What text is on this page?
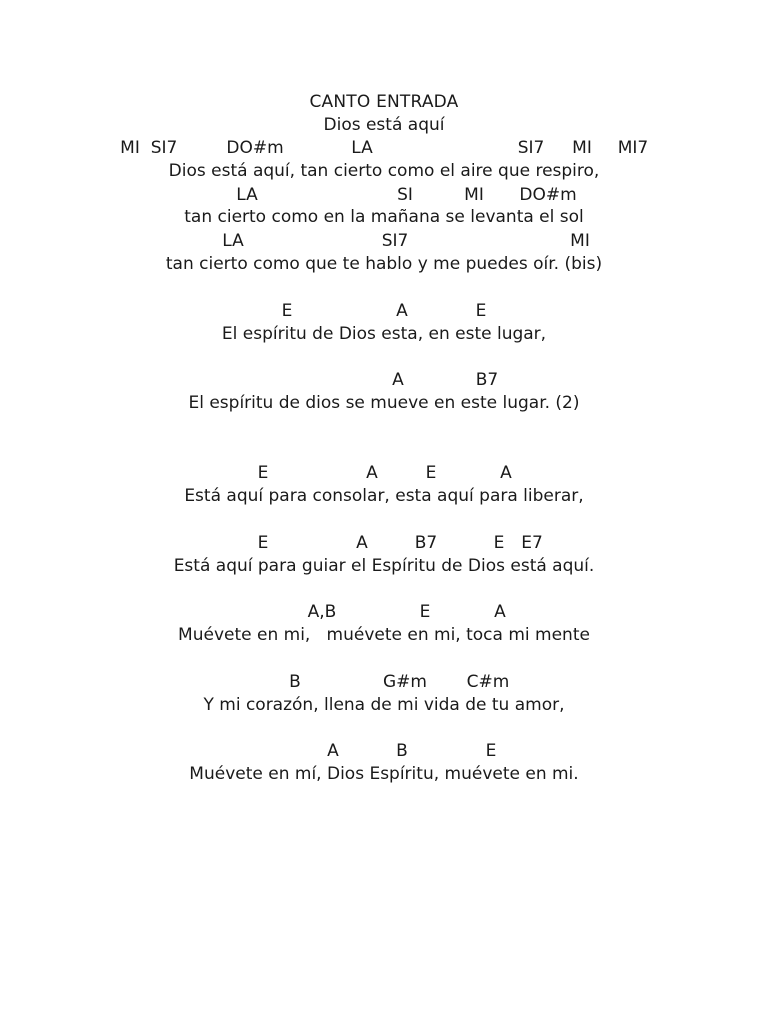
CANTO ENTRADA
Dios está aquí
MI SI7	DO#m	LA	SI7 MI MI7
Dios está aquí, tan cierto como el aire que respiro,
LA	SI	MI DO#m
tan cierto como en la mañana se levanta el sol
LA	SI7	MI
tan cierto como que te hablo y me puedes oír. (bis)
E	A	E
El espíritu de Dios esta, en este lugar,
A	B7
El espíritu de dios se mueve en este lugar. (2)
E	A	E	A
Está aquí para consolar, esta aquí para liberar,
E	A	B7	E E7
Está aquí para guiar el Espíritu de Dios está aquí.
A,B	E	A
Muévete en mi,   muévete en mi, toca mi mente
B	G#m C#m
Y mi corazón, llena de mi vida de tu amor,
A	B	E
Muévete en mí, Dios Espíritu, muévete en mi.
